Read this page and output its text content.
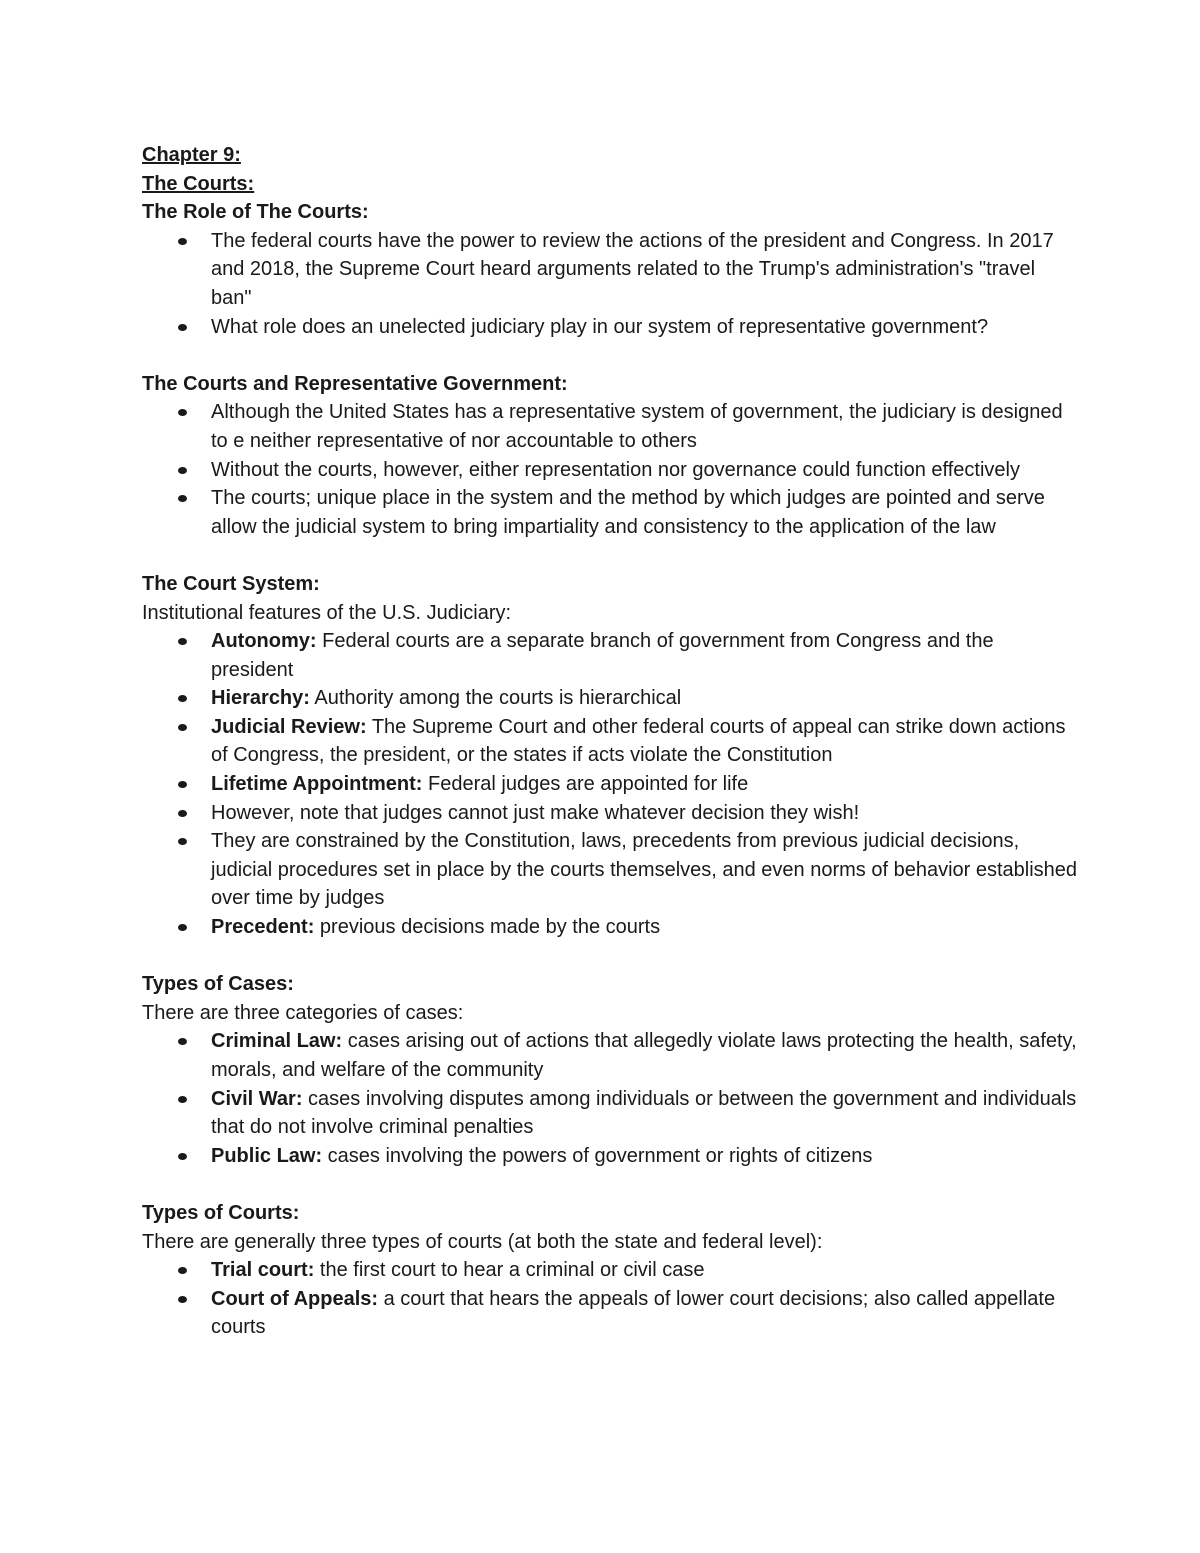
Chapter 9:
The Courts:
The Role of The Courts:
The federal courts have the power to review the actions of the president and Congress. In 2017 and 2018, the Supreme Court heard arguments related to the Trump's administration's "travel ban"
What role does an unelected judiciary play in our system of representative government?
The Courts and Representative Government:
Although the United States has a representative system of government, the judiciary is designed to e neither representative of nor accountable to others
Without the courts, however, either representation nor governance could function effectively
The courts; unique place in the system and the method by which judges are pointed and serve allow the judicial system to bring impartiality and consistency to the application of the law
The Court System:
Institutional features of the U.S. Judiciary:
Autonomy: Federal courts are a separate branch of government from Congress and the president
Hierarchy: Authority among the courts is hierarchical
Judicial Review: The Supreme Court and other federal courts of appeal can strike down actions of Congress, the president, or the states if acts violate the Constitution
Lifetime Appointment: Federal judges are appointed for life
However, note that judges cannot just make whatever decision they wish!
They are constrained by the Constitution, laws, precedents from previous judicial decisions, judicial procedures set in place by the courts themselves, and even norms of behavior established over time by judges
Precedent: previous decisions made by the courts
Types of Cases:
There are three categories of cases:
Criminal Law: cases arising out of actions that allegedly violate laws protecting the health, safety, morals, and welfare of the community
Civil War: cases involving disputes among individuals or between the government and individuals that do not involve criminal penalties
Public Law: cases involving the powers of government or rights of citizens
Types of Courts:
There are generally three types of courts (at both the state and federal level):
Trial court: the first court to hear a criminal or civil case
Court of Appeals: a court that hears the appeals of lower court decisions; also called appellate courts
